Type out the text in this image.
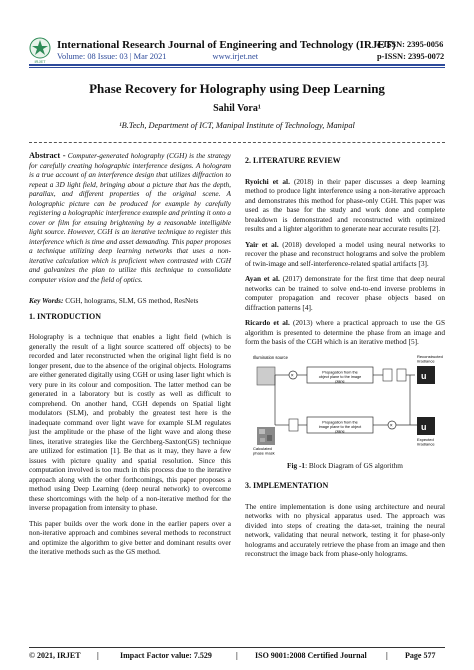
IRJET
International Research Journal of Engineering and Technology (IRJET)
Volume: 08 Issue: 03 | Mar 2021	www.irjet.net
e-ISSN: 2395-0056
p-ISSN: 2395-0072
Phase Recovery for Holography using Deep Learning
Sahil Vora¹
¹B.Tech, Department of ICT, Manipal Institute of Technology, Manipal

Abstract - Computer-generated holography (CGH) is the strategy for carefully creating holographic interference designs. A hologram is a true account of an interference design that utilizes diffraction to repeat a 3D light field, bringing about a picture that has the depth, parallax, and different properties of the original scene. A holographic picture can be produced for example by carefully registering a holographic interference example and printing it onto a cover or film for ensuing brightening by a reasonable intelligible light source. However, CGH is an iterative technique to register this interference which is time and asset demanding. This paper proposes a technique utilizing deep learning networks that uses a non-iterative calculation which is proficient when contrasted with CGH and galvanizes the plan to utilize this technique to consolidate computer vision and the field of optics.

Key Words: CGH, holograms, SLM, GS method, ResNets

1. INTRODUCTION

Holography is a technique that enables a light field (which is generally the result of a light source scattered off objects) to be recorded and later reconstructed when the original light field is no longer present, due to the absence of the original objects. Holograms are either generated digitally using CGH or using laser light which is very pure in its colour and composition. The latter method can be generated in a laboratory but is costly as well as difficult to comprehend. On another hand, CGH depends on Spatial light modulators (SLM), and probably the greatest test here is the inadequate command over light wave for example SLM regulates just the amplitude or the phase of the light wave and along these lines, iterative strategies like the Gerchberg-Saxton(GS) technique are utilized for estimation [1]. Be that as it may, they have a few issues with picture quality and spatial resolution. Since this computation involved is too much in this process due to the iterative approach along with the other forthcomings, this paper proposes a method using Deep Learning (deep neural network) to overcome these shortcomings with the help of a non-iterative method for the inverse propagation from intensity to phase.

This paper builds over the work done in the earlier papers over a non-iterative approach and combines several methods to reconstruct and optimize the algorithm to give better and dominant results over the iterative methods such as the GS method.

2. LITERATURE REVIEW

Ryoichi et al. (2018) in their paper discusses a deep learning method to produce light interference using a non-iterative approach and demonstrates this method for phase-only CGH. This paper was used as the base for the study and work done and complete breakdown is demonstrated and reconstructed with optimized results and a lighter algorithm to generate near accurate results [2].

Yair et al. (2018) developed a model using neural networks to recover the phase and reconstruct holograms and solve the problem of twin-image and self-interference-related spatial artifacts [3].

Ayan et al. (2017) demonstrate for the first time that deep neural networks can be trained to solve end-to-end inverse problems in computer propagation and recover phase objects based on diffraction patterns [4].

Ricardo et al. (2013) where a practical approach to use the GS algorithm is presented to determine the phase from an image and form the basis of the CGH which is an iterative method [5].

Illumination source
×
Propagation from the object plane to the image plane
u
Reconstructed irradiance
Propagation from the image plane to the object plane
×
Calculated phase mask
u
Expected irradiance

Fig -1: Block Diagram of GS algorithm

3. IMPLEMENTATION

The entire implementation is done using architecture and neural networks with no physical apparatus used. The approach was divided into steps of creating the data-set, training the neural network, validating that neural network, testing it for phase-only holograms and accurately retrieve the phase from an image and then reconstruct the image back from phase-only holograms.

© 2021, IRJET |	Impact Factor value: 7.529	| ISO 9001:2008 Certified Journal | Page 577
